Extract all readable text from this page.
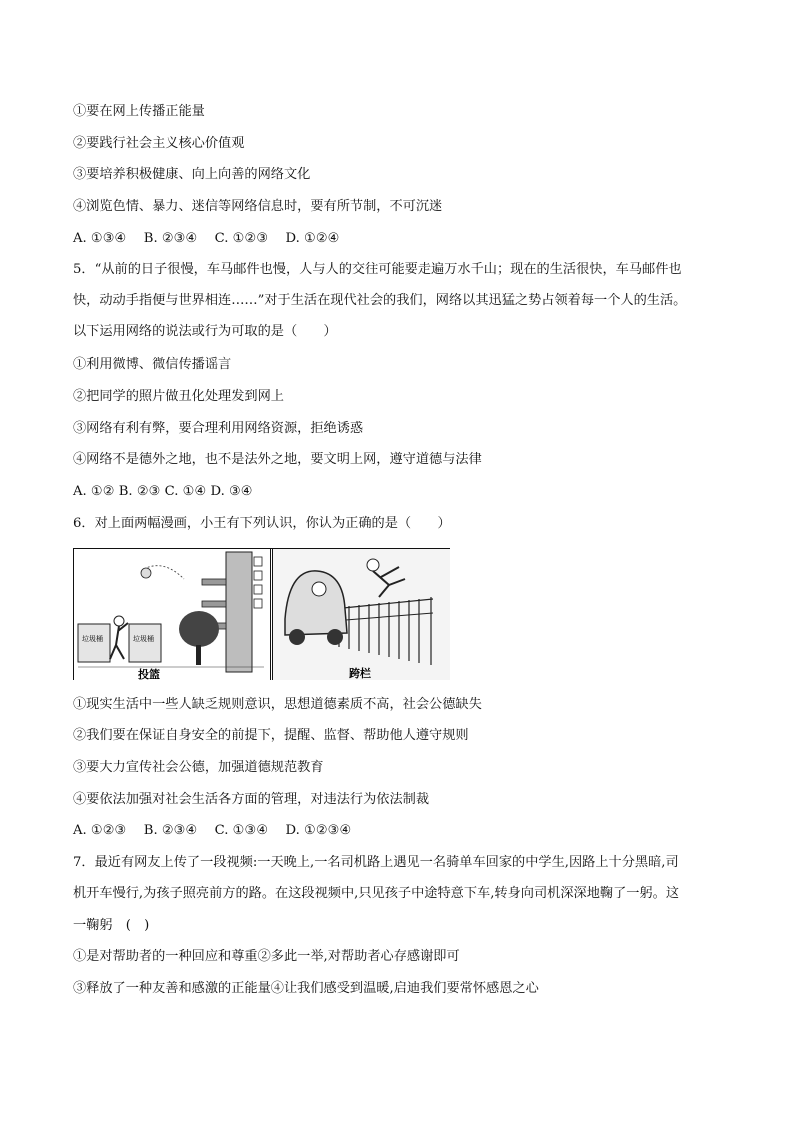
①要在网上传播正能量
②要践行社会主义核心价值观
③要培养积极健康、向上向善的网络文化
④浏览色情、暴力、迷信等网络信息时，要有所节制，不可沉迷
A. ①③④　 B. ②③④　 C. ①②③　 D. ①②④
5．“从前的日子很慢，车马邮件也慢，人与人的交往可能要走遍万水千山；现在的生活很快，车马邮件也
快，动动手指便与世界相连……”对于生活在现代社会的我们，网络以其迅猛之势占领着每一个人的生活。
以下运用网络的说法或行为可取的是（　　）
①利用微博、微信传播谣言
②把同学的照片做丑化处理发到网上
③网络有利有弊，要合理利用网络资源，拒绝诱惑
④网络不是德外之地，也不是法外之地，要文明上网，遵守道德与法律
A. ①② B. ②③ C. ①④ D. ③④
6．对上面两幅漫画，小王有下列认识，你认为正确的是（　　）
垃圾桶	垃圾桶
投篮	跨栏
①现实生活中一些人缺乏规则意识，思想道德素质不高，社会公德缺失
②我们要在保证自身安全的前提下，提醒、监督、帮助他人遵守规则
③要大力宣传社会公德，加强道德规范教育
④要依法加强对社会生活各方面的管理，对违法行为依法制裁
A. ①②③　 B. ②③④　 C. ①③④　 D. ①②③④
7．最近有网友上传了一段视频:一天晚上,一名司机路上遇见一名骑单车回家的中学生,因路上十分黑暗,司
机开车慢行,为孩子照亮前方的路。在这段视频中,只见孩子中途特意下车,转身向司机深深地鞠了一躬。这
一鞠躬　(　)
①是对帮助者的一种回应和尊重②多此一举,对帮助者心存感谢即可
③释放了一种友善和感激的正能量④让我们感受到温暖,启迪我们要常怀感恩之心
